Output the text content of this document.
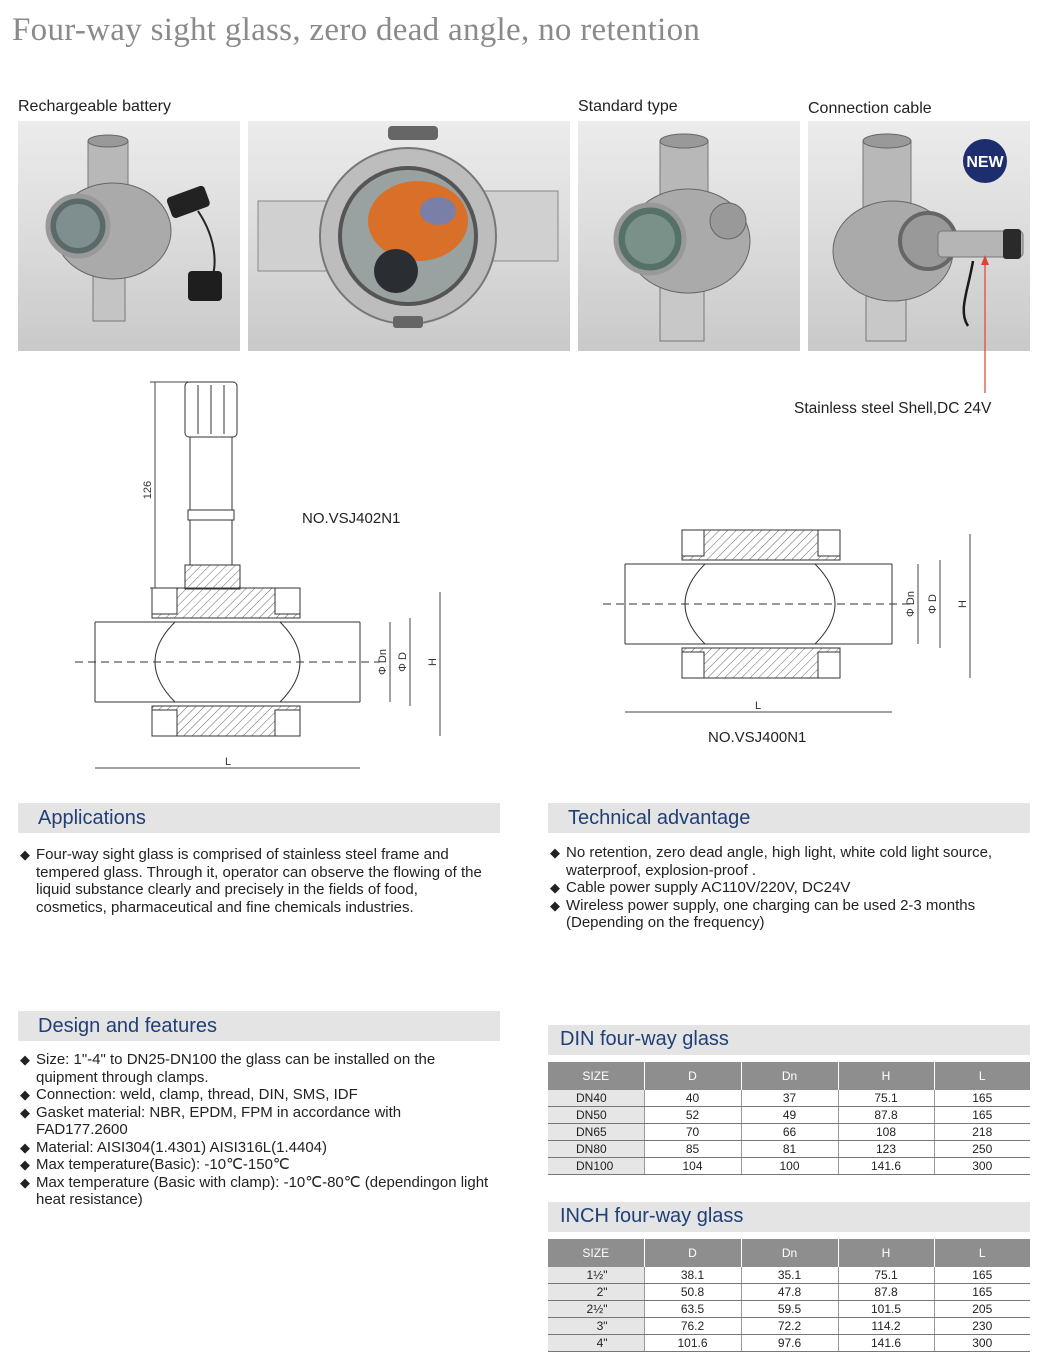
Four-way sight glass, zero dead angle, no retention
Rechargeable battery	Standard type	Connection cable
NEW
Stainless steel Shell,DC 24V
126
Φ Dn Φ D H
L
NO.VSJ402N1
Φ Dn Φ D H
L
NO.VSJ400N1
Applications

◆ Four-way sight glass is comprised of stainless steel frame and tempered glass. Through it, operator can observe the flowing of the liquid substance clearly and precisely in the fields of food, cosmetics, pharmaceutical and fine chemicals industries.

Technical advantage

◆ No retention, zero dead angle, high light, white cold light source, waterproof, explosion-proof .

◆ Cable power supply AC110V/220V, DC24V

◆ Wireless power supply, one charging can be used 2-3 months (Depending on the frequency)

Design and features

◆ Size: 1"-4" to DN25-DN100 the glass can be installed on the quipment through clamps.

◆ Connection: weld, clamp, thread, DIN, SMS, IDF

◆ Gasket material: NBR, EPDM, FPM in accordance with FAD177.2600

◆ Material: AISI304(1.4301) AISI316L(1.4404)

◆ Max temperature(Basic): -10℃-150℃

◆ Max temperature (Basic with clamp): -10℃-80℃ (dependingon light heat resistance)

DIN four-way glass
SIZE	D	Dn	H	L
DN40	40	37	75.1	165
DN50	52	49	87.8	165
DN65	70	66	108	218
DN80	85	81	123	250
DN100	104	100	141.6	300
INCH four-way glass
SIZE	D	Dn	H	L
1½"	38.1	35.1	75.1	165
2"	50.8	47.8	87.8	165
2½"	63.5	59.5	101.5	205
3"	76.2	72.2	114.2	230
4"	101.6	97.6	141.6	300
